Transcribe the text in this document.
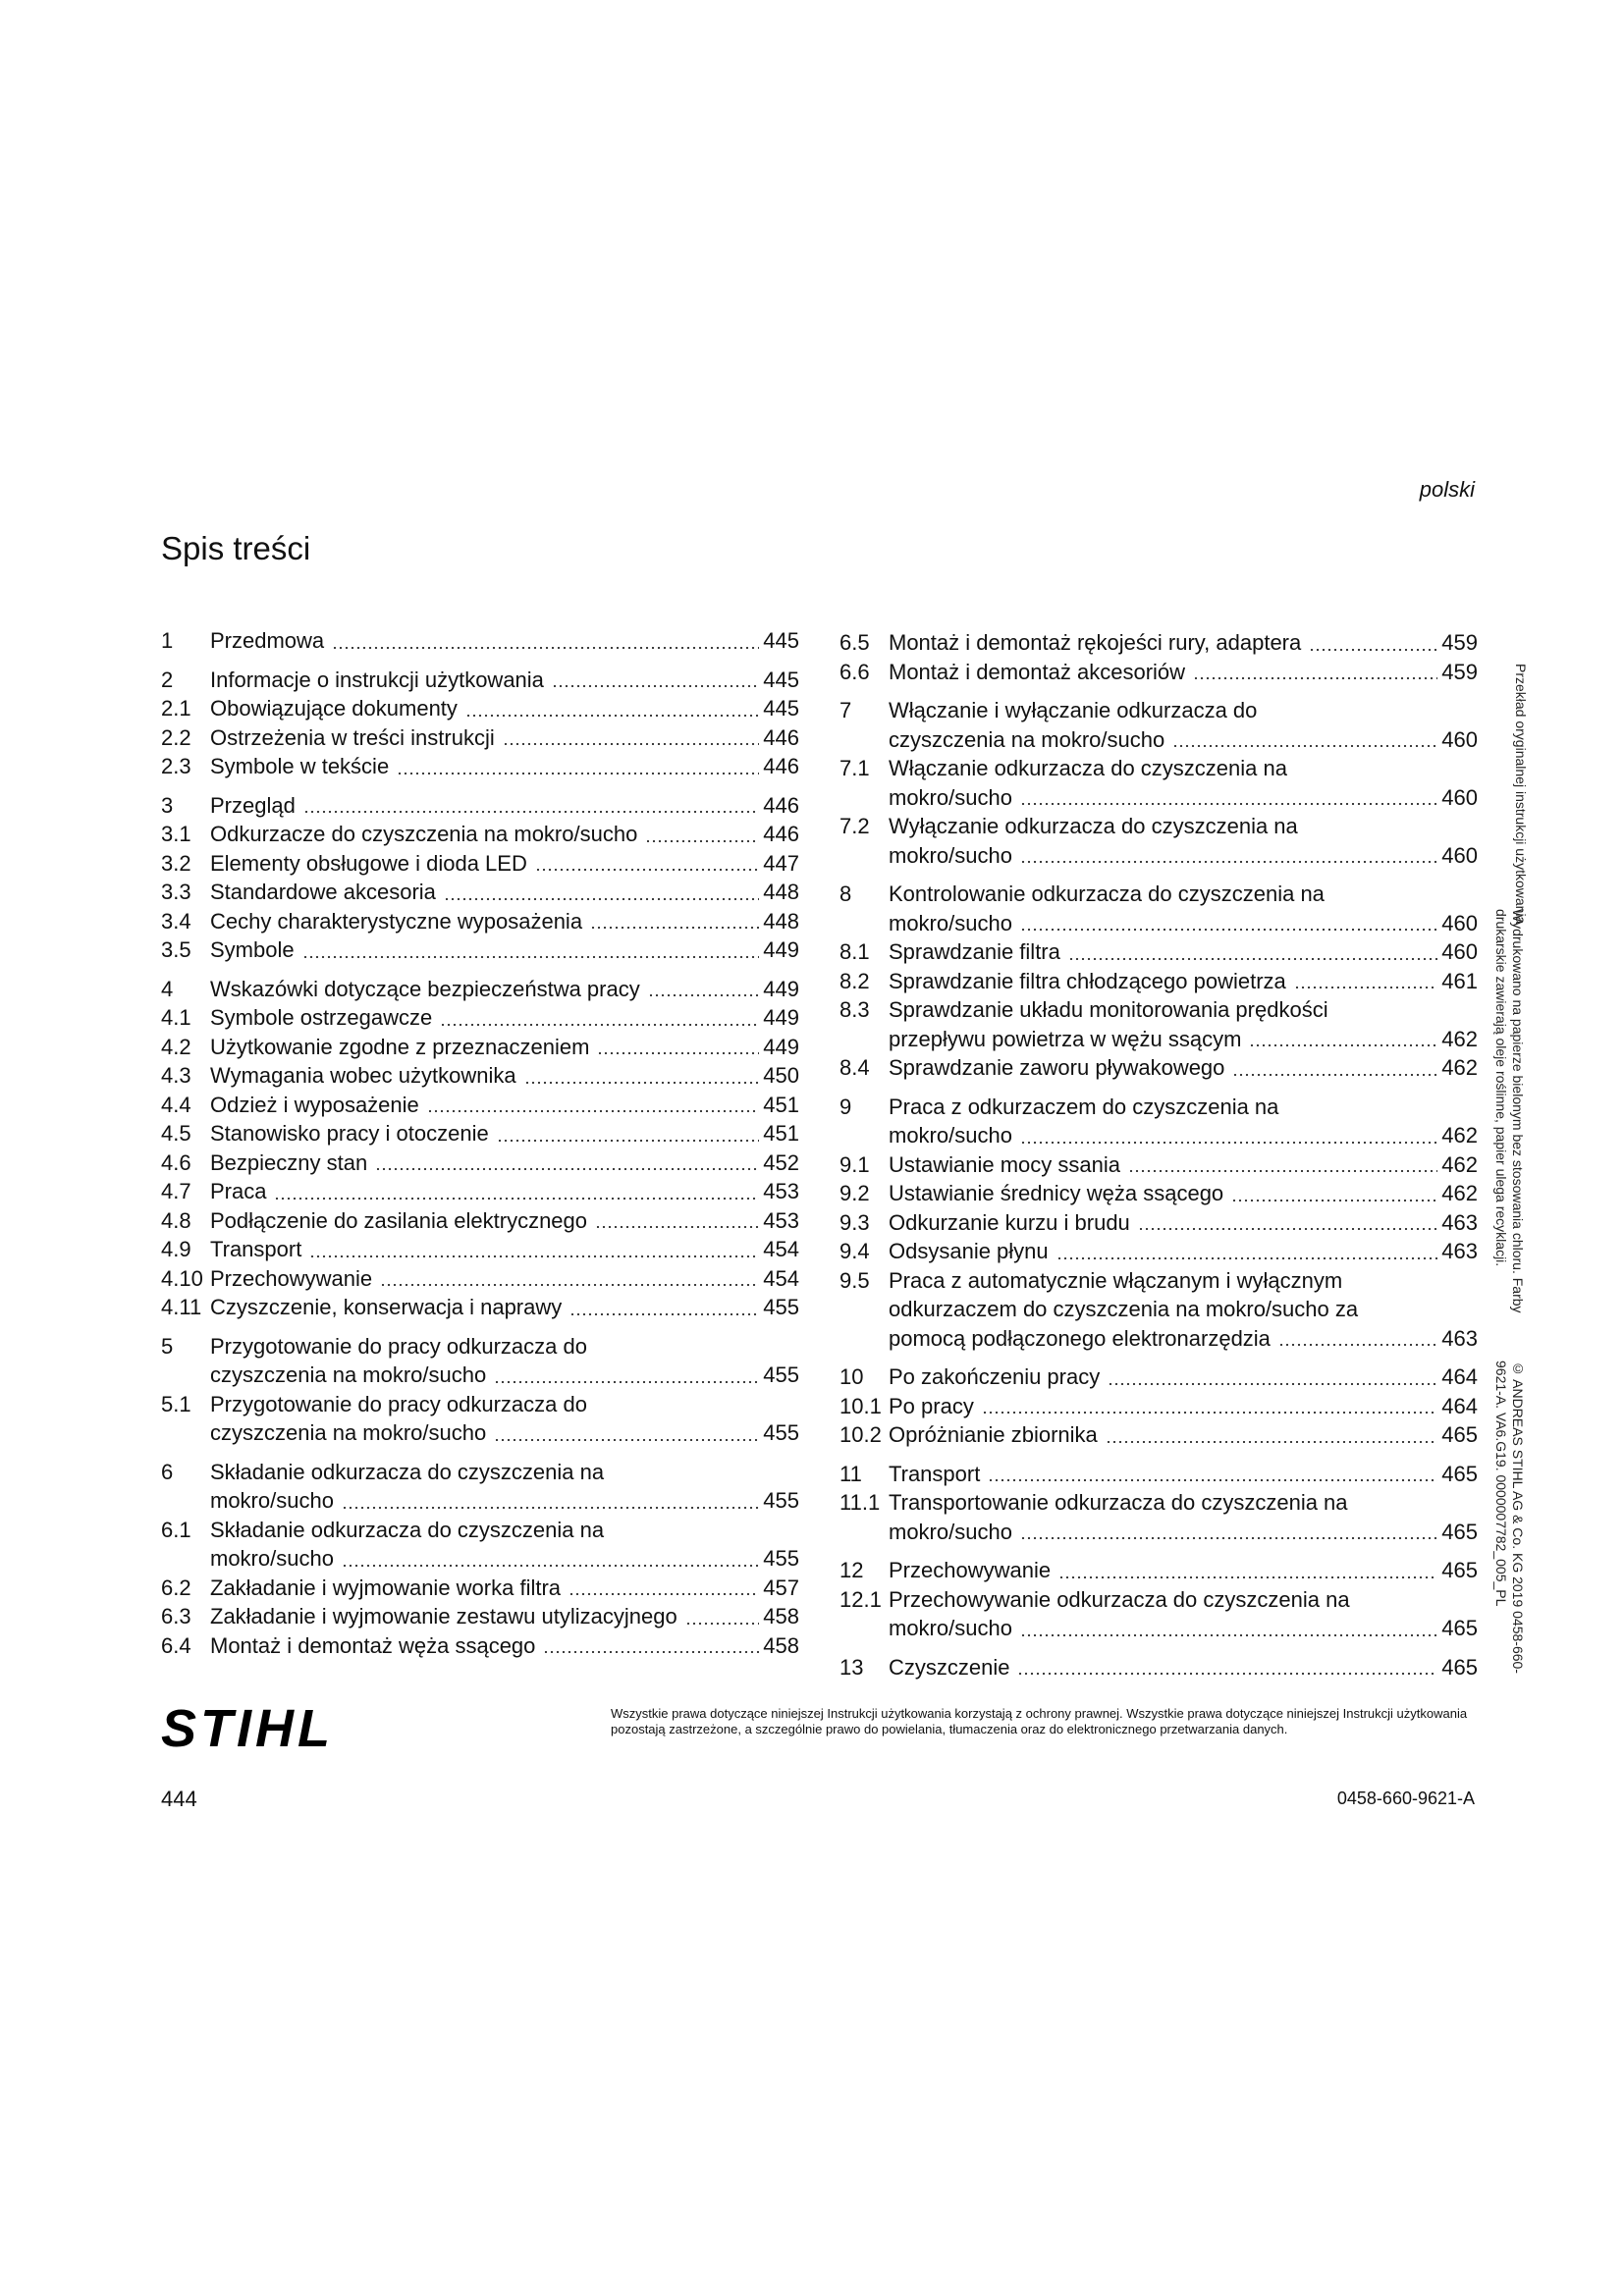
polski
Spis treści
1	Przedmowa	445
2	Informacje o instrukcji użytkowania	445
2.1 Obowiązujące dokumenty	445
2.2 Ostrzeżenia w treści instrukcji	446
2.3 Symbole w tekście	446
3	Przegląd	446
3.1 Odkurzacze do czyszczenia na mokro/sucho	446
3.2 Elementy obsługowe i dioda LED	447
3.3 Standardowe akcesoria	448
3.4 Cechy charakterystyczne wyposażenia	448
3.5 Symbole	449
4	Wskazówki dotyczące bezpieczeństwa pracy	449
4.1 Symbole ostrzegawcze	449
4.2 Użytkowanie zgodne z przeznaczeniem	449
4.3 Wymagania wobec użytkownika	450
4.4 Odzież i wyposażenie	451
4.5 Stanowisko pracy i otoczenie	451
4.6 Bezpieczny stan	452
4.7 Praca	453
4.8 Podłączenie do zasilania elektrycznego	453
4.9 Transport	454
4.10 Przechowywanie	454
4.11 Czyszczenie, konserwacja i naprawy	455
5	Przygotowanie do pracy odkurzacza do
czyszczenia na mokro/sucho	455
5.1 Przygotowanie do pracy odkurzacza do
czyszczenia na mokro/sucho	455
6	Składanie odkurzacza do czyszczenia na
mokro/sucho	455
6.1 Składanie odkurzacza do czyszczenia na
mokro/sucho	455
6.2 Zakładanie i wyjmowanie worka filtra	457
6.3 Zakładanie i wyjmowanie zestawu utylizacyjnego	458
6.4 Montaż i demontaż węża ssącego	458
6.5 Montaż i demontaż rękojeści rury, adaptera	459
6.6 Montaż i demontaż akcesoriów	459
7	Włączanie i wyłączanie odkurzacza do
czyszczenia na mokro/sucho	460
7.1 Włączanie odkurzacza do czyszczenia na
mokro/sucho	460
7.2 Wyłączanie odkurzacza do czyszczenia na
mokro/sucho	460
8	Kontrolowanie odkurzacza do czyszczenia na
mokro/sucho	460
8.1 Sprawdzanie filtra	460
8.2 Sprawdzanie filtra chłodzącego powietrza	461
8.3 Sprawdzanie układu monitorowania prędkości
przepływu powietrza w wężu ssącym	462
8.4 Sprawdzanie zaworu pływakowego	462
9	Praca z odkurzaczem do czyszczenia na
mokro/sucho	462
9.1 Ustawianie mocy ssania	462
9.2 Ustawianie średnicy węża ssącego	462
9.3 Odkurzanie kurzu i brudu	463
9.4 Odsysanie płynu	463
9.5 Praca z automatycznie włączanym i wyłącznym
odkurzaczem do czyszczenia na mokro/sucho za
pomocą podłączonego elektronarzędzia	463
10	Po zakończeniu pracy	464
10.1 Po pracy	464
10.2 Opróżnianie zbiornika	465
11	Transport	465
11.1 Transportowanie odkurzacza do czyszczenia na
mokro/sucho	465
12	Przechowywanie	465
12.1 Przechowywanie odkurzacza do czyszczenia na
mokro/sucho	465
13	Czyszczenie	465
Przekład oryginalnej instrukcji użytkowania
Wydrukowano na papierze bielonym bez stosowania chloru. Farby drukarskie zawierają oleje roślinne, papier ulega recyklacji.
© ANDREAS STIHL AG & Co. KG 2019 0458-660-9621-A. VA6.G19. 0000007782_005_PL
STIHL	Wszystkie prawa dotyczące niniejszej Instrukcji użytkowania korzystają z ochrony prawnej. Wszystkie prawa dotyczące niniejszej Instrukcji użytkowania pozostają zastrzeżone, a szczególnie prawo do powielania, tłumaczenia oraz do elektronicznego przetwarzania danych.
444	0458-660-9621-A
